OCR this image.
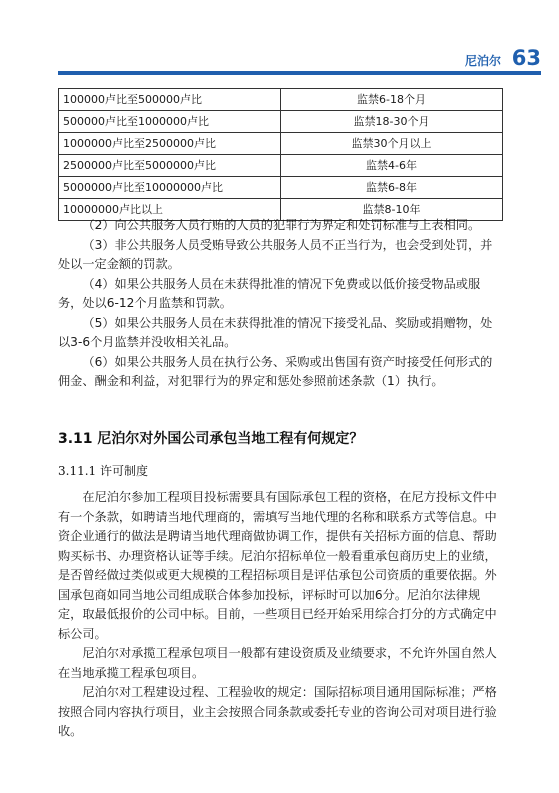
尼泊尔 63
100000卢比至500000卢比	监禁6-18个月
500000卢比至1000000卢比	监禁18-30个月
1000000卢比至2500000卢比	监禁30个月以上
2500000卢比至5000000卢比	监禁4-6年
5000000卢比至10000000卢比	监禁6-8年
10000000卢比以上	监禁8-10年

（2）向公共服务人员行贿的人员的犯罪行为界定和处罚标准与上表相同。

（3）非公共服务人员受贿导致公共服务人员不正当行为，也会受到处罚，并处以一定金额的罚款。

（4）如果公共服务人员在未获得批准的情况下免费或以低价接受物品或服务，处以6-12个月监禁和罚款。

（5）如果公共服务人员在未获得批准的情况下接受礼品、奖励或捐赠物，处以3-6个月监禁并没收相关礼品。

（6）如果公共服务人员在执行公务、采购或出售国有资产时接受任何形式的佣金、酬金和利益，对犯罪行为的界定和惩处参照前述条款（1）执行。

3.11 尼泊尔对外国公司承包当地工程有何规定？
3.11.1 许可制度

在尼泊尔参加工程项目投标需要具有国际承包工程的资格，在尼方投标文件中有一个条款，如聘请当地代理商的，需填写当地代理的名称和联系方式等信息。中资企业通行的做法是聘请当地代理商做协调工作，提供有关招标方面的信息、帮助购买标书、办理资格认证等手续。尼泊尔招标单位一般看重承包商历史上的业绩，是否曾经做过类似或更大规模的工程招标项目是评估承包公司资质的重要依据。外国承包商如同当地公司组成联合体参加投标，评标时可以加6分。尼泊尔法律规定，取最低报价的公司中标。目前，一些项目已经开始采用综合打分的方式确定中标公司。

尼泊尔对承揽工程承包项目一般都有建设资质及业绩要求，不允许外国自然人在当地承揽工程承包项目。

尼泊尔对工程建设过程、工程验收的规定：国际招标项目通用国际标准；严格按照合同内容执行项目，业主会按照合同条款或委托专业的咨询公司对项目进行验收。
